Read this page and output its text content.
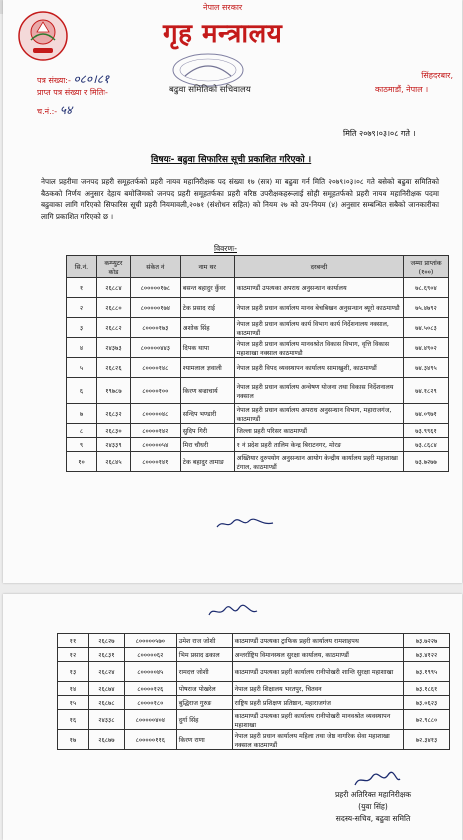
नेपाल सरकार
गृह मन्त्रालय
बढुवा समितिको सचिवालय
पत्र संख्या:- ०८०।८१
प्राप्त पत्र संख्या र मितिः-
च.नं.:- ५४
सिंहदरबार,
काठमाडौं, नेपाल ।
मिति २०७९।०३।०८ गते ।
विषयः- बढुवा सिफारिस सूची प्रकाशित गरिएको ।
नेपाल प्रहरीमा जनपद प्रहरी समूहतर्फको प्रहरी नायव महानिरीक्षक पद संख्या १७ (सत्र) मा बढुवा गर्न मिति २०७९।०३।०८ गते बसेको बढुवा समितिको बैठकको निर्णय अनुसार देहाय बमोजिमको जनपद प्रहरी समूहतर्फका प्रहरी वरिष्ठ उपरीक्षकहरूलाई सोही समूहतर्फको प्रहरी नायव महानिरीक्षक पदमा बढुवाका लागि गरिएको सिफारिस सूची प्रहरी नियमावली,२०७१ (संशोधन सहित) को नियम २७ को उप-नियम (४) अनुसार सम्बन्धित सबैको जानकारीका लागि प्रकाशित गरिएको छ ।
विवरणः-
सि.नं.	कम्प्युटर कोड	संकेत नं	नाम थर	दरबन्दी	जम्मा प्राप्तांक (१००)
१	२६८८४	८०००००१७८	बसन्त बहादुर कुँवर	काठमाण्डौं उपत्यका अपराध अनुसन्धान कार्यालय	७८.६९०४
२	२६८८०	८०००००१७४	टेक प्रसाद राई	नेपाल प्रहरी प्रधान कार्यालय मानव बेचबिखन अनुसन्धान ब्यूरो काठमाण्डौ	७५.४७९२
३	२६८८२	८००००१७३	अशोक सिंह	नेपाल प्रहरी प्रधान कार्यालय कार्य विभाग कार्य निर्देशनालय नक्साल, काठमाण्डौं	७४.५०८३
४	२४३७३	८०००००४४३	दिपक थापा	नेपाल प्रहरी प्रधान कार्यालय मानवश्रोत विकास विभाग, वृत्ति विकास महाशाखा नक्साल काठमाण्डौ	७४.४९०२
५	२६८२६	८००००१४८	श्यामलाल ज्ञवाली	नेपाल प्रहरी विपद व्यवस्थापन कार्यालय सामाखुशी, काठमाण्डौं	७४.३४९५
६	१९७८७	८००००१००	किरण बज्राचार्य	नेपाल प्रहरी प्रधान कार्यालय अन्वेषण योजना तथा विकास निर्देशनालय नक्साल	७४.१८२९
७	२६८३२	८०००००४८	सन्दिप भण्डारी	नेपाल प्रहरी प्रधान कार्यालय अपराध अनुसन्धान विभाग, महाराजगंज, काठमाण्डौं	७४.०९७१
८	२६८३०	८००००१४२	सुदिप गिरी	जिल्ला प्रहरी परिसर काठमाण्डौं	७३.९९६१
९	२४३३९	८०००००५४	मिरा चौधरी	१ नं प्रदेश प्रहरी तालिम केन्द्र बिराटनगर, मोरङ	७३.८६८४
१०	२६८४५	८००००१४१	टेक बहादुर तामाङ	अख्तियार दुरुपयोग अनुसन्धान आयोग केन्द्रीय कार्यालय प्रहरी महाशाखा टंगाल, काठमाण्डौं	७३.७२७७
११	२६८२७	८०००००५७०	उमेश राज जोशी	काठमाण्डौं उपत्यका ट्राफिक प्रहरी कार्यालय रामशाहपथ	७३.७२२७
१२	२६८३१	८०००००६२	भिम प्रसाद ढकाल	अन्तर्राष्ट्रिय विमानस्थल सुरक्षा कार्यालय, काठमाण्डौं	७३.४१२२
१३	२६८२४	८०००००४५	रामदत्त जोशी	काठमाण्डौं उपत्यका प्रहरी कार्यालय रानीपोखरी शान्ति सुरक्षा महाशाखा	७३.१९९५
१४	२६८७४	८००००१२६	पोषराज पोखरेल	नेपाल प्रहरी शिक्षालय भरतपुर, चितवन	७३.१८६१
१५	२६८७८	८००००१८०	बुद्धिराज गुरुङ	राष्ट्रिय प्रहरी प्रशिक्षण प्रतिष्ठान, महाराजगंज	७३.०६२३
१६	२४३३८	८०००००४०४	दुर्गा सिंह	काठमाण्डौं उपत्यका प्रहरी कार्यालय रानीपोखरी मानवश्रोत व्यवस्थापन महाशाखा	७२.९८८०
१७	२६८७७	८०००००११६	किरण राणा	नेपाल प्रहरी प्रधान कार्यालय महिला तथा जेष्ठ नागरिक सेवा महाशाखा नक्साल काठमाण्डौं	७२.३४१३
प्रहरी अतिरिक्त महानिरीक्षक
(युवा सिंह)
सदस्य-सचिव, बढुवा समिति
